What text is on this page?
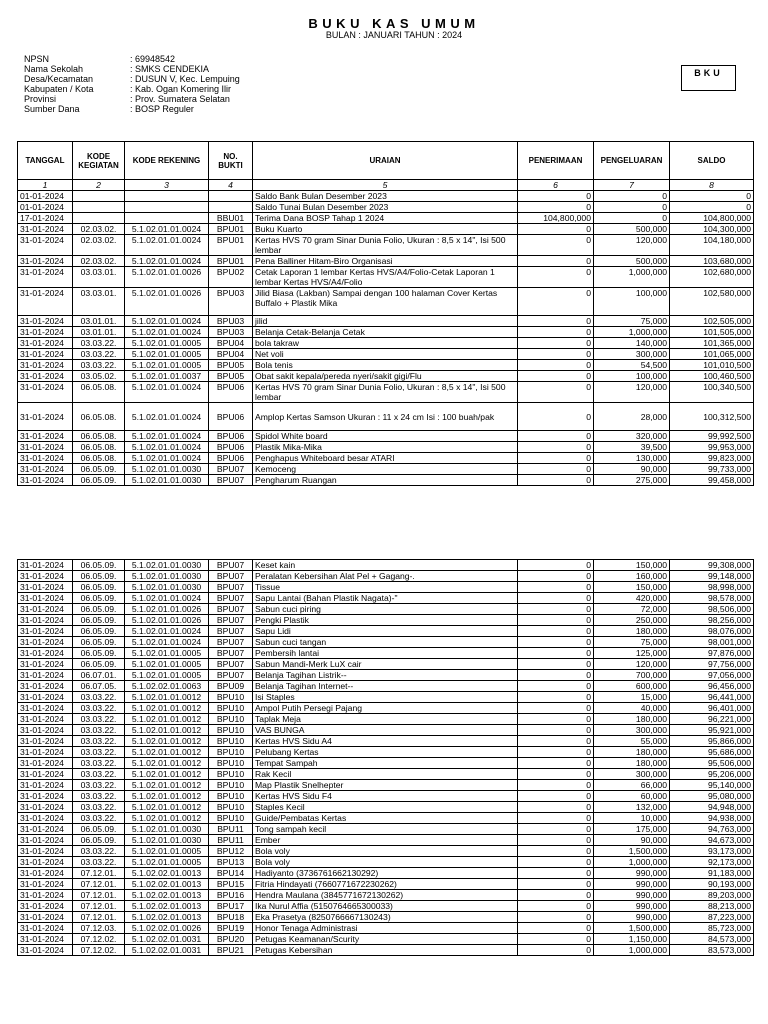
BUKU KAS UMUM
BULAN : JANUARI TAHUN : 2024
NPSN	: 69948542
Nama Sekolah	: SMKS CENDEKIA
Desa/Kecamatan	: DUSUN V, Kec. Lempuing
Kabupaten / Kota	: Kab. Ogan Komering Ilir
Provinsi	: Prov. Sumatera Selatan
Sumber Dana	: BOSP Reguler
BKU
TANGGAL	KODE KEGIATAN	KODE REKENING	NO. BUKTI	URAIAN	PENERIMAAN	PENGELUARAN	SALDO
1	2	3	4	5	6	7	8
01-01-2024				Saldo Bank Bulan Desember 2023	0	0	0
01-01-2024				Saldo Tunai Bulan Desember 2023	0	0	0
17-01-2024			BBU01	Terima Dana BOSP Tahap 1 2024	104,800,000	0	104,800,000
31-01-2024	02.03.02.	5.1.02.01.01.0024	BPU01	Buku Kuarto	0	500,000	104,300,000
31-01-2024	02.03.02.	5.1.02.01.01.0024	BPU01	Kertas HVS 70 gram Sinar Dunia Folio, Ukuran : 8,5 x 14", Isi 500 lembar	0	120,000	104,180,000
31-01-2024	02.03.02.	5.1.02.01.01.0024	BPU01	Pena Balliner Hitam-Biro Organisasi	0	500,000	103,680,000
31-01-2024	03.03.01.	5.1.02.01.01.0026	BPU02	Cetak Laporan 1 lembar Kertas HVS/A4/Folio-Cetak Laporan 1 lembar Kertas HVS/A4/Folio	0	1,000,000	102,680,000
31-01-2024	03.03.01.	5.1.02.01.01.0026	BPU03	Jilid Biasa (Lakban) Sampai dengan 100 halaman Cover Kertas Buffalo + Plastik Mika	0	100,000	102,580,000
31-01-2024	03.01.01.	5.1.02.01.01.0024	BPU03	jilid	0	75,000	102,505,000
31-01-2024	03.01.01.	5.1.02.01.01.0024	BPU03	Belanja Cetak-Belanja Cetak	0	1,000,000	101,505,000
31-01-2024	03.03.22.	5.1.02.01.01.0005	BPU04	bola takraw	0	140,000	101,365,000
31-01-2024	03.03.22.	5.1.02.01.01.0005	BPU04	Net voli	0	300,000	101,065,000
31-01-2024	03.03.22.	5.1.02.01.01.0005	BPU05	Bola tenis	0	54,500	101,010,500
31-01-2024	03.05.02.	5.1.02.01.01.0037	BPU05	Obat sakit kepala/pereda nyeri/sakit gigi/Flu	0	100,000	100,460,500
31-01-2024	06.05.08.	5.1.02.01.01.0024	BPU06	Kertas HVS 70 gram Sinar Dunia Folio, Ukuran : 8,5 x 14", Isi 500 lembar	0	120,000	100,340,500
31-01-2024	06.05.08.	5.1.02.01.01.0024	BPU06	Amplop Kertas Samson Ukuran : 11 x 24 cm Isi : 100 buah/pak	0	28,000	100,312,500
31-01-2024	06.05.08.	5.1.02.01.01.0024	BPU06	Spidol White board	0	320,000	99,992,500
31-01-2024	06.05.08.	5.1.02.01.01.0024	BPU06	Plastik Mika-Mika	0	39,500	99,953,000
31-01-2024	06.05.08.	5.1.02.01.01.0024	BPU06	Penghapus Whiteboard besar ATARI	0	130,000	99,823,000
31-01-2024	06.05.09.	5.1.02.01.01.0030	BPU07	Kemoceng	0	90,000	99,733,000
31-01-2024	06.05.09.	5.1.02.01.01.0030	BPU07	Pengharum Ruangan	0	275,000	99,458,000
31-01-2024	06.05.09.	5.1.02.01.01.0030	BPU07	Keset kain	0	150,000	99,308,000
31-01-2024	06.05.09.	5.1.02.01.01.0030	BPU07	Peralatan Kebersihan Alat Pel + Gagang-.	0	160,000	99,148,000
31-01-2024	06.05.09.	5.1.02.01.01.0030	BPU07	Tissue	0	150,000	98,998,000
31-01-2024	06.05.09.	5.1.02.01.01.0024	BPU07	Sapu Lantai (Bahan Plastik Nagata)-"	0	420,000	98,578,000
31-01-2024	06.05.09.	5.1.02.01.01.0026	BPU07	Sabun cuci piring	0	72,000	98,506,000
31-01-2024	06.05.09.	5.1.02.01.01.0026	BPU07	Pengki Plastik	0	250,000	98,256,000
31-01-2024	06.05.09.	5.1.02.01.01.0024	BPU07	Sapu Lidi	0	180,000	98,076,000
31-01-2024	06.05.09.	5.1.02.01.01.0024	BPU07	Sabun cuci tangan	0	75,000	98,001,000
31-01-2024	06.05.09.	5.1.02.01.01.0005	BPU07	Pembersih lantai	0	125,000	97,876,000
31-01-2024	06.05.09.	5.1.02.01.01.0005	BPU07	Sabun Mandi-Merk LuX cair	0	120,000	97,756,000
31-01-2024	06.07.01.	5.1.02.01.01.0005	BPU07	Belanja Tagihan Listrik--	0	700,000	97,056,000
31-01-2024	06.07.05.	5.1.02.02.01.0063	BPU09	Belanja Tagihan Internet--	0	600,000	96,456,000
31-01-2024	03.03.22.	5.1.02.01.01.0012	BPU10	Isi Staples	0	15,000	96,441,000
31-01-2024	03.03.22.	5.1.02.01.01.0012	BPU10	Ampol Putih Persegi Pajang	0	40,000	96,401,000
31-01-2024	03.03.22.	5.1.02.01.01.0012	BPU10	Taplak Meja	0	180,000	96,221,000
31-01-2024	03.03.22.	5.1.02.01.01.0012	BPU10	VAS BUNGA	0	300,000	95,921,000
31-01-2024	03.03.22.	5.1.02.01.01.0012	BPU10	Kertas HVS Sidu A4	0	55,000	95,866,000
31-01-2024	03.03.22.	5.1.02.01.01.0012	BPU10	Pelubang Kertas	0	180,000	95,686,000
31-01-2024	03.03.22.	5.1.02.01.01.0012	BPU10	Tempat Sampah	0	180,000	95,506,000
31-01-2024	03.03.22.	5.1.02.01.01.0012	BPU10	Rak Kecil	0	300,000	95,206,000
31-01-2024	03.03.22.	5.1.02.01.01.0012	BPU10	Map Plastik Snelhepter	0	66,000	95,140,000
31-01-2024	03.03.22.	5.1.02.01.01.0012	BPU10	Kertas HVS Sidu F4	0	60,000	95,080,000
31-01-2024	03.03.22.	5.1.02.01.01.0012	BPU10	Staples Kecil	0	132,000	94,948,000
31-01-2024	03.03.22.	5.1.02.01.01.0012	BPU10	Guide/Pembatas Kertas	0	10,000	94,938,000
31-01-2024	06.05.09.	5.1.02.01.01.0030	BPU11	Tong sampah kecil	0	175,000	94,763,000
31-01-2024	06.05.09.	5.1.02.01.01.0030	BPU11	Ember	0	90,000	94,673,000
31-01-2024	03.03.22.	5.1.02.01.01.0005	BPU12	Bola voly	0	1,500,000	93,173,000
31-01-2024	03.03.22.	5.1.02.01.01.0005	BPU13	Bola voly	0	1,000,000	92,173,000
31-01-2024	07.12.01.	5.1.02.02.01.0013	BPU14	Hadiyanto (3736761662130292)	0	990,000	91,183,000
31-01-2024	07.12.01.	5.1.02.02.01.0013	BPU15	Fitria Hindayati (7660771672230262)	0	990,000	90,193,000
31-01-2024	07.12.01.	5.1.02.02.01.0013	BPU16	Hendra Maulana (3845771672130262)	0	990,000	89,203,000
31-01-2024	07.12.01.	5.1.02.02.01.0013	BPU17	Ika Nurul Affia (5150764665300033)	0	990,000	88,213,000
31-01-2024	07.12.01.	5.1.02.02.01.0013	BPU18	Eka Prasetya (8250766667130243)	0	990,000	87,223,000
31-01-2024	07.12.03.	5.1.02.02.01.0026	BPU19	Honor Tenaga Administrasi	0	1,500,000	85,723,000
31-01-2024	07.12.02.	5.1.02.02.01.0031	BPU20	Petugas Keamanan/Scurity	0	1,150,000	84,573,000
31-01-2024	07.12.02.	5.1.02.02.01.0031	BPU21	Petugas Kebersihan	0	1,000,000	83,573,000
